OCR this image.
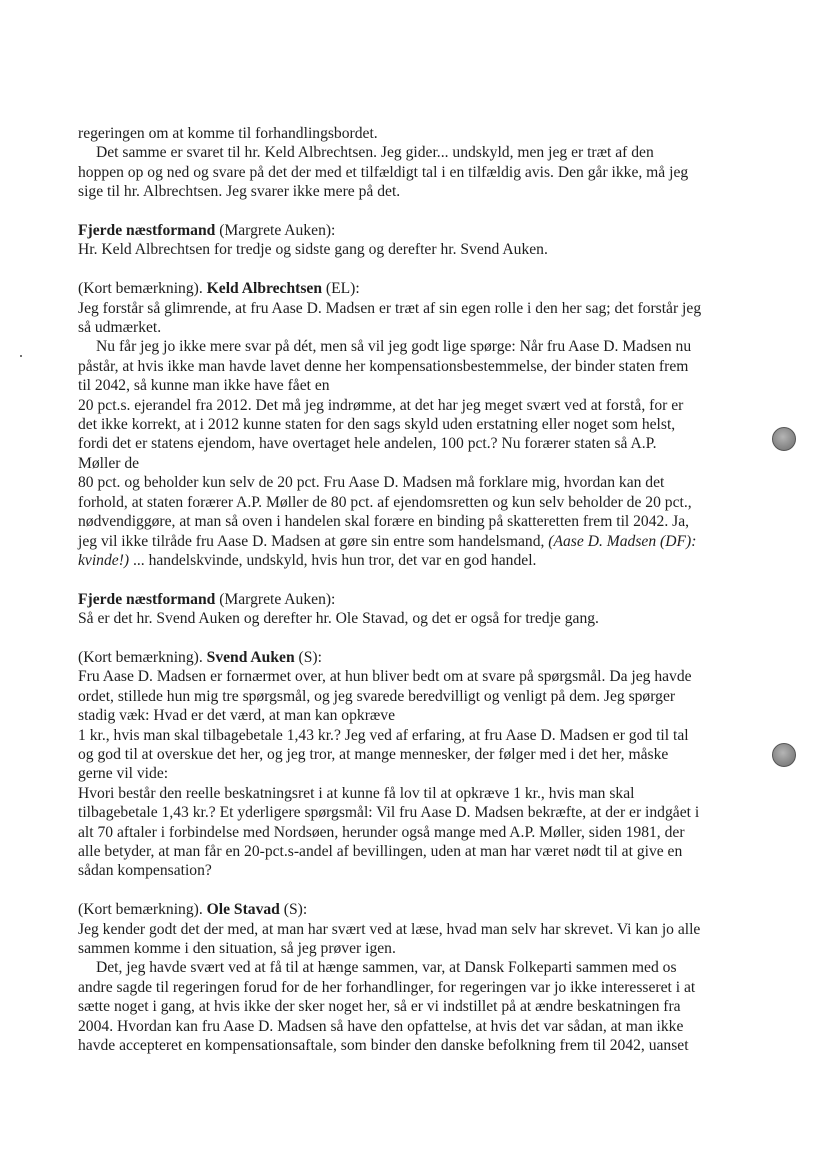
regeringen om at komme til forhandlingsbordet.
Det samme er svaret til hr. Keld Albrechtsen. Jeg gider... undskyld, men jeg er træt af den
hoppen op og ned og svare på det der med et tilfældigt tal i en tilfældig avis. Den går ikke, må jeg
sige til hr. Albrechtsen. Jeg svarer ikke mere på det.
Fjerde næstformand (Margrete Auken):
Hr. Keld Albrechtsen for tredje og sidste gang og derefter hr. Svend Auken.
(Kort bemærkning). Keld Albrechtsen (EL):
Jeg forstår så glimrende, at fru Aase D. Madsen er træt af sin egen rolle i den her sag; det forstår jeg
så udmærket.
Nu får jeg jo ikke mere svar på dét, men så vil jeg godt lige spørge: Når fru Aase D. Madsen nu
påstår, at hvis ikke man havde lavet denne her kompensationsbestemmelse, der binder staten frem
til 2042, så kunne man ikke have fået en
20 pct.s. ejerandel fra 2012. Det må jeg indrømme, at det har jeg meget svært ved at forstå, for er
det ikke korrekt, at i 2012 kunne staten for den sags skyld uden erstatning eller noget som helst,
fordi det er statens ejendom, have overtaget hele andelen, 100 pct.? Nu forærer staten så A.P.
Møller de
80 pct. og beholder kun selv de 20 pct. Fru Aase D. Madsen må forklare mig, hvordan kan det
forhold, at staten forærer A.P. Møller de 80 pct. af ejendomsretten og kun selv beholder de 20 pct.,
nødvendiggøre, at man så oven i handelen skal forære en binding på skatteretten frem til 2042. Ja,
jeg vil ikke tilråde fru Aase D. Madsen at gøre sin entre som handelsmand, (Aase D. Madsen (DF):
kvinde!) ... handelskvinde, undskyld, hvis hun tror, det var en god handel.
Fjerde næstformand (Margrete Auken):
Så er det hr. Svend Auken og derefter hr. Ole Stavad, og det er også for tredje gang.
(Kort bemærkning). Svend Auken (S):
Fru Aase D. Madsen er fornærmet over, at hun bliver bedt om at svare på spørgsmål. Da jeg havde
ordet, stillede hun mig tre spørgsmål, og jeg svarede beredvilligt og venligt på dem. Jeg spørger
stadig væk: Hvad er det værd, at man kan opkræve
1 kr., hvis man skal tilbagebetale 1,43 kr.? Jeg ved af erfaring, at fru Aase D. Madsen er god til tal
og god til at overskue det her, og jeg tror, at mange mennesker, der følger med i det her, måske
gerne vil vide:
Hvori består den reelle beskatningsret i at kunne få lov til at opkræve 1 kr., hvis man skal
tilbagebetale 1,43 kr.? Et yderligere spørgsmål: Vil fru Aase D. Madsen bekræfte, at der er indgået i
alt 70 aftaler i forbindelse med Nordsøen, herunder også mange med A.P. Møller, siden 1981, der
alle betyder, at man får en 20-pct.s-andel af bevillingen, uden at man har været nødt til at give en
sådan kompensation?
(Kort bemærkning). Ole Stavad (S):
Jeg kender godt det der med, at man har svært ved at læse, hvad man selv har skrevet. Vi kan jo alle
sammen komme i den situation, så jeg prøver igen.
Det, jeg havde svært ved at få til at hænge sammen, var, at Dansk Folkeparti sammen med os
andre sagde til regeringen forud for de her forhandlinger, for regeringen var jo ikke interesseret i at
sætte noget i gang, at hvis ikke der sker noget her, så er vi indstillet på at ændre beskatningen fra
2004. Hvordan kan fru Aase D. Madsen så have den opfattelse, at hvis det var sådan, at man ikke
havde accepteret en kompensationsaftale, som binder den danske befolkning frem til 2042, uanset
